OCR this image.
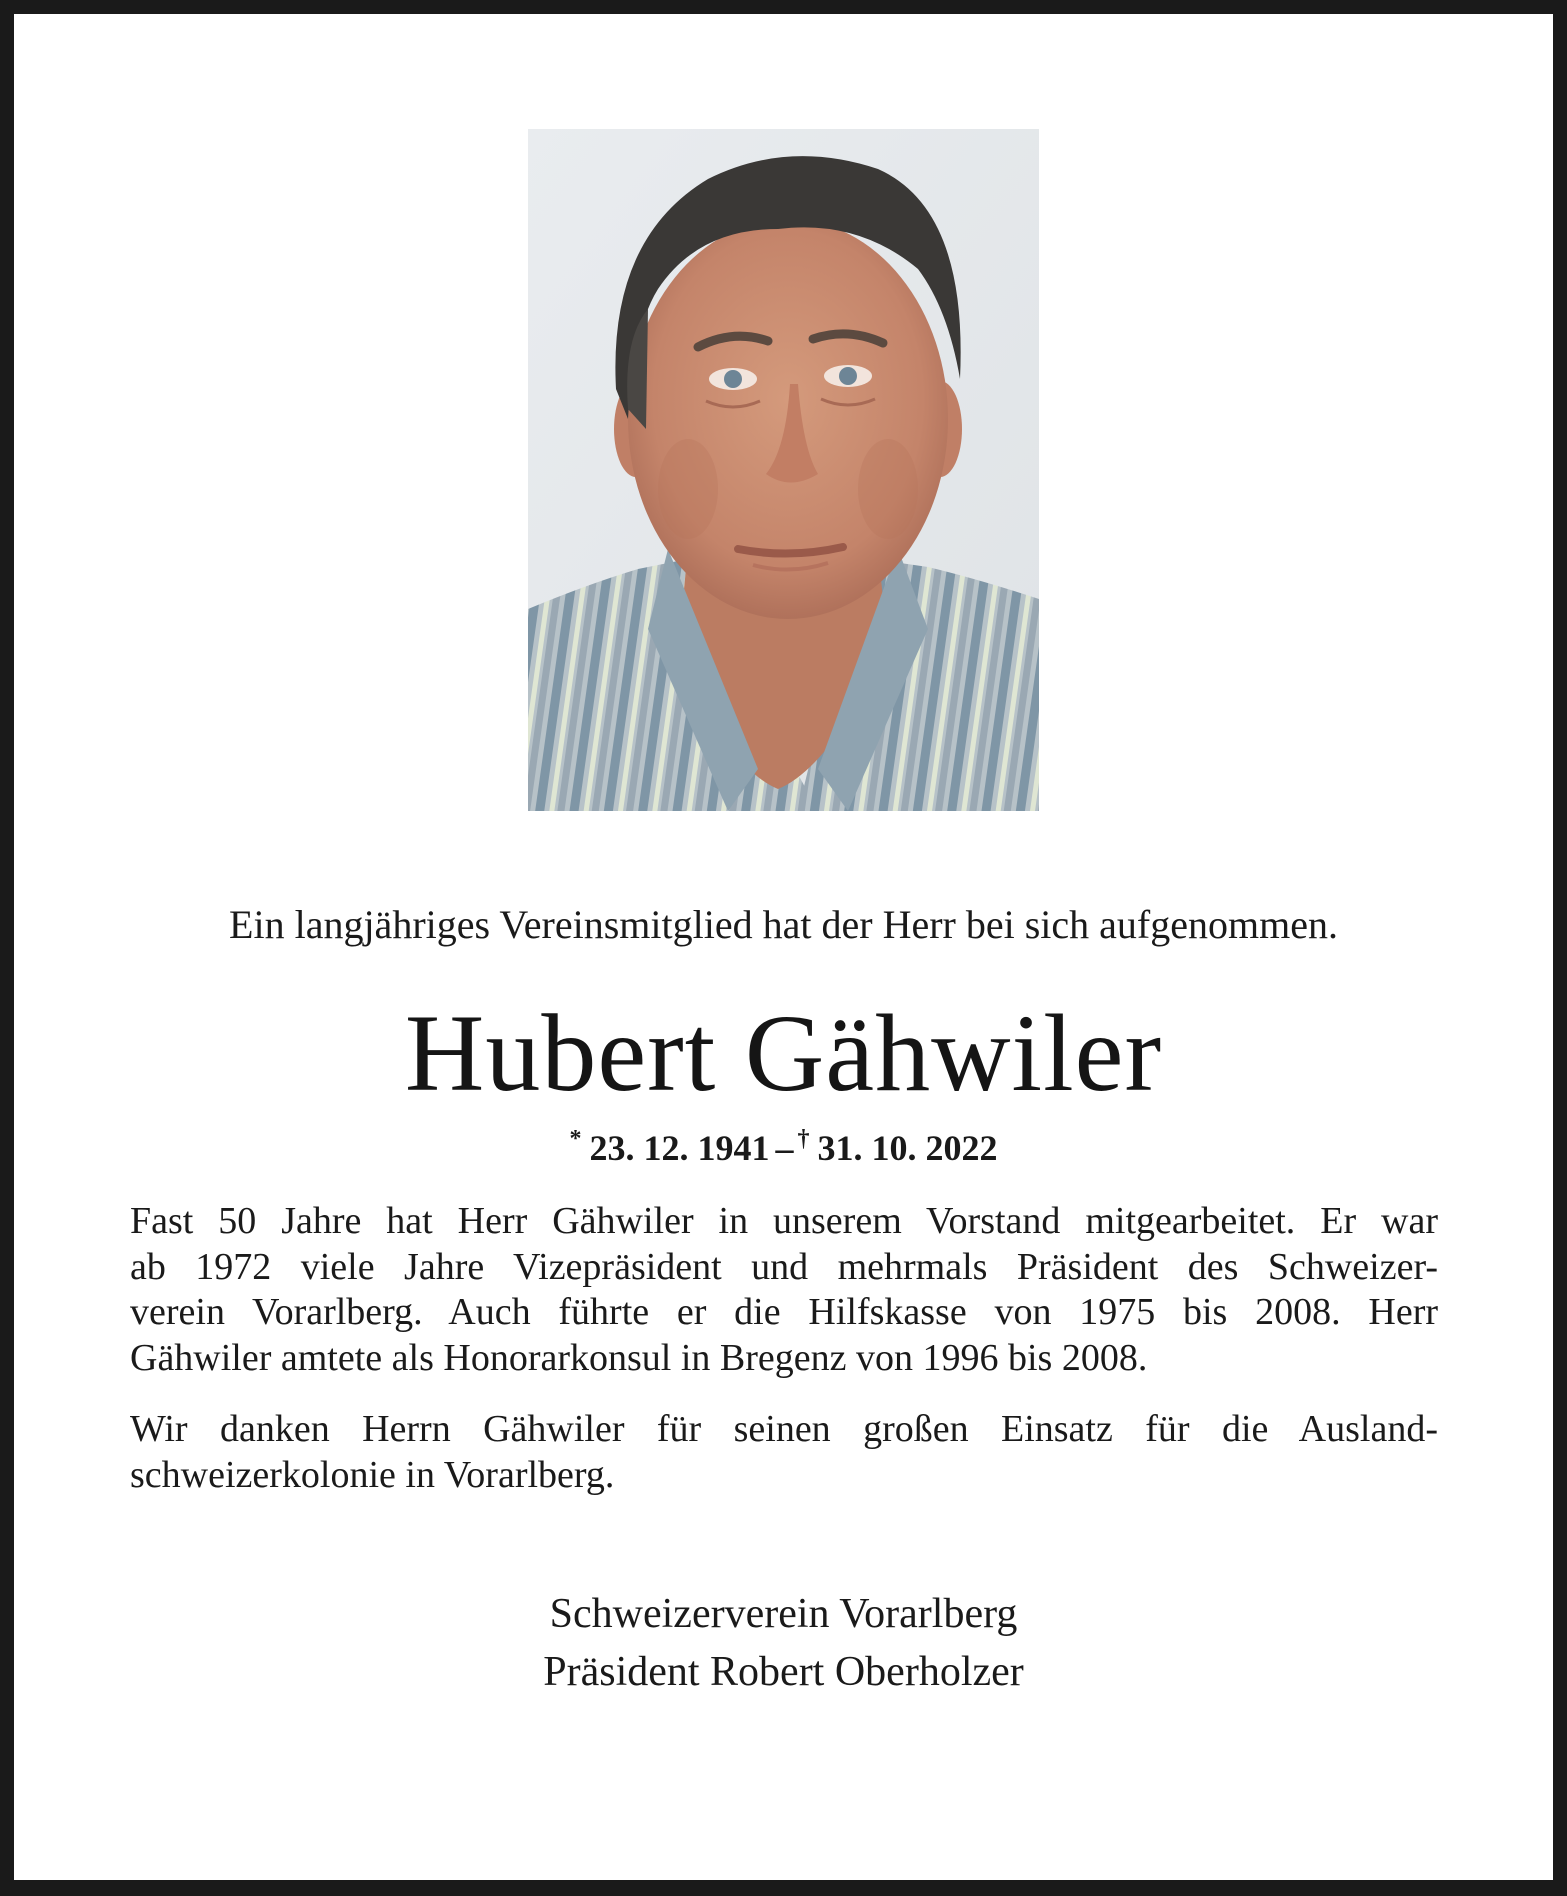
Ein langjähriges Vereinsmitglied hat der Herr bei sich aufgenommen.
Hubert Gähwiler
* 23. 12. 1941 – † 31. 10. 2022
Fast 50 Jahre hat Herr Gähwiler in unserem Vorstand mitgearbeitet. Er war
ab 1972 viele Jahre Vizepräsident und mehrmals Präsident des Schweizer-
verein Vorarlberg. Auch führte er die Hilfskasse von 1975 bis 2008. Herr
Gähwiler amtete als Honorarkonsul in Bregenz von 1996 bis 2008.
Wir danken Herrn Gähwiler für seinen großen Einsatz für die Ausland-
schweizerkolonie in Vorarlberg.
Schweizerverein Vorarlberg
Präsident Robert Oberholzer
